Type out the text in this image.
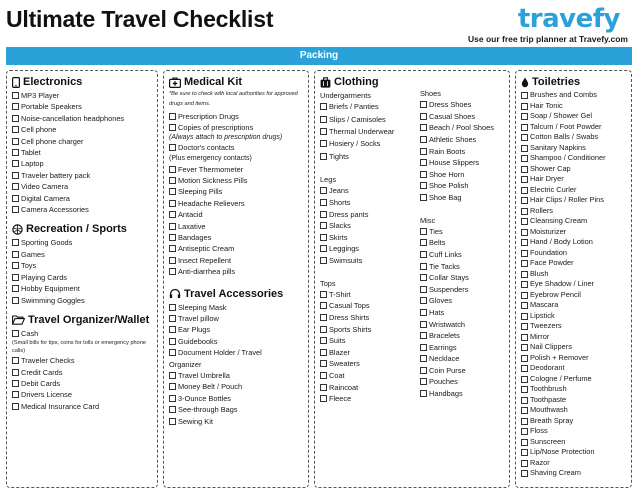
Ultimate Travel Checklist	travefy
Use our free trip planner at Travefy.com
Packing
Electronics
MP3 Player
Portable Speakers
Noise-cancellation headphones
Cell phone
Cell phone charger
Tablet
Laptop
Traveler battery pack
Video Camera
Digital Camera
Camera Accessories
Recreation / Sports
Sporting Goods
Games
Toys
Playing Cards
Hobby Equipment
Swimming Goggles
Travel Organizer/Wallet
Cash
(Small bills for tips, coins for tolls or emergency phone calls)
Traveler Checks
Credit Cards
Debit Cards
Drivers License
Medical Insurance Card
Medical Kit
*Be sure to check with local authorities for approved drugs and items.
Prescription Drugs
Copies of prescriptions
(Always attach to prescription drugs)
Doctor's contacts
(Plus emergency contacts)
Fever Thermometer
Motion Sickness Pills
Sleeping Pills
Headache Relievers
Antacid
Laxative
Bandages
Antiseptic Cream
Insect Repellent
Anti-diarrhea pills
Travel Accessories
Sleeping Mask
Travel pillow
Ear Plugs
Guidebooks
Document Holder / Travel
Organizer
Travel Umbrella
Money Belt / Pouch
3-Ounce Bottles
See-through Bags
Sewing Kit
Clothing
Undergarments
Briefs / Panties
Slips / Camisoles
Thermal Underwear
Hosiery / Socks
Tights
Legs
Jeans
Shorts
Dress pants
Slacks
Skirts
Leggings
Swimsuits
Tops
T-Shirt
Casual Tops
Dress Shirts
Sports Shirts
Suits
Blazer
Sweaters
Coat
Raincoat
Fleece
Shoes
Dress Shoes
Casual Shoes
Beach / Pool Shoes
Athletic Shoes
Rain Boots
House Slippers
Shoe Horn
Shoe Polish
Shoe Bag
Misc
Ties
Belts
Cuff Links
Tie Tacks
Collar Stays
Suspenders
Gloves
Hats
Wristwatch
Bracelets
Earrings
Necklace
Coin Purse
Pouches
Handbags
Toiletries
Brushes and Combs
Hair Tonic
Soap / Shower Gel
Talcum / Foot Powder
Cotton Balls / Swabs
Sanitary Napkins
Shampoo / Conditioner
Shower Cap
Hair Dryer
Electric Curler
Hair Clips / Roller Pins
Rollers
Cleansing Cream
Moisturizer
Hand / Body Lotion
Foundation
Face Powder
Blush
Eye Shadow / Liner
Eyebrow Pencil
Mascara
Lipstick
Tweezers
Mirror
Nail Clippers
Polish + Remover
Deodorant
Cologne / Perfume
Toothbrush
Toothpaste
Mouthwash
Breath Spray
Floss
Sunscreen
Lip/Nose Protection
Razor
Shaving Cream
